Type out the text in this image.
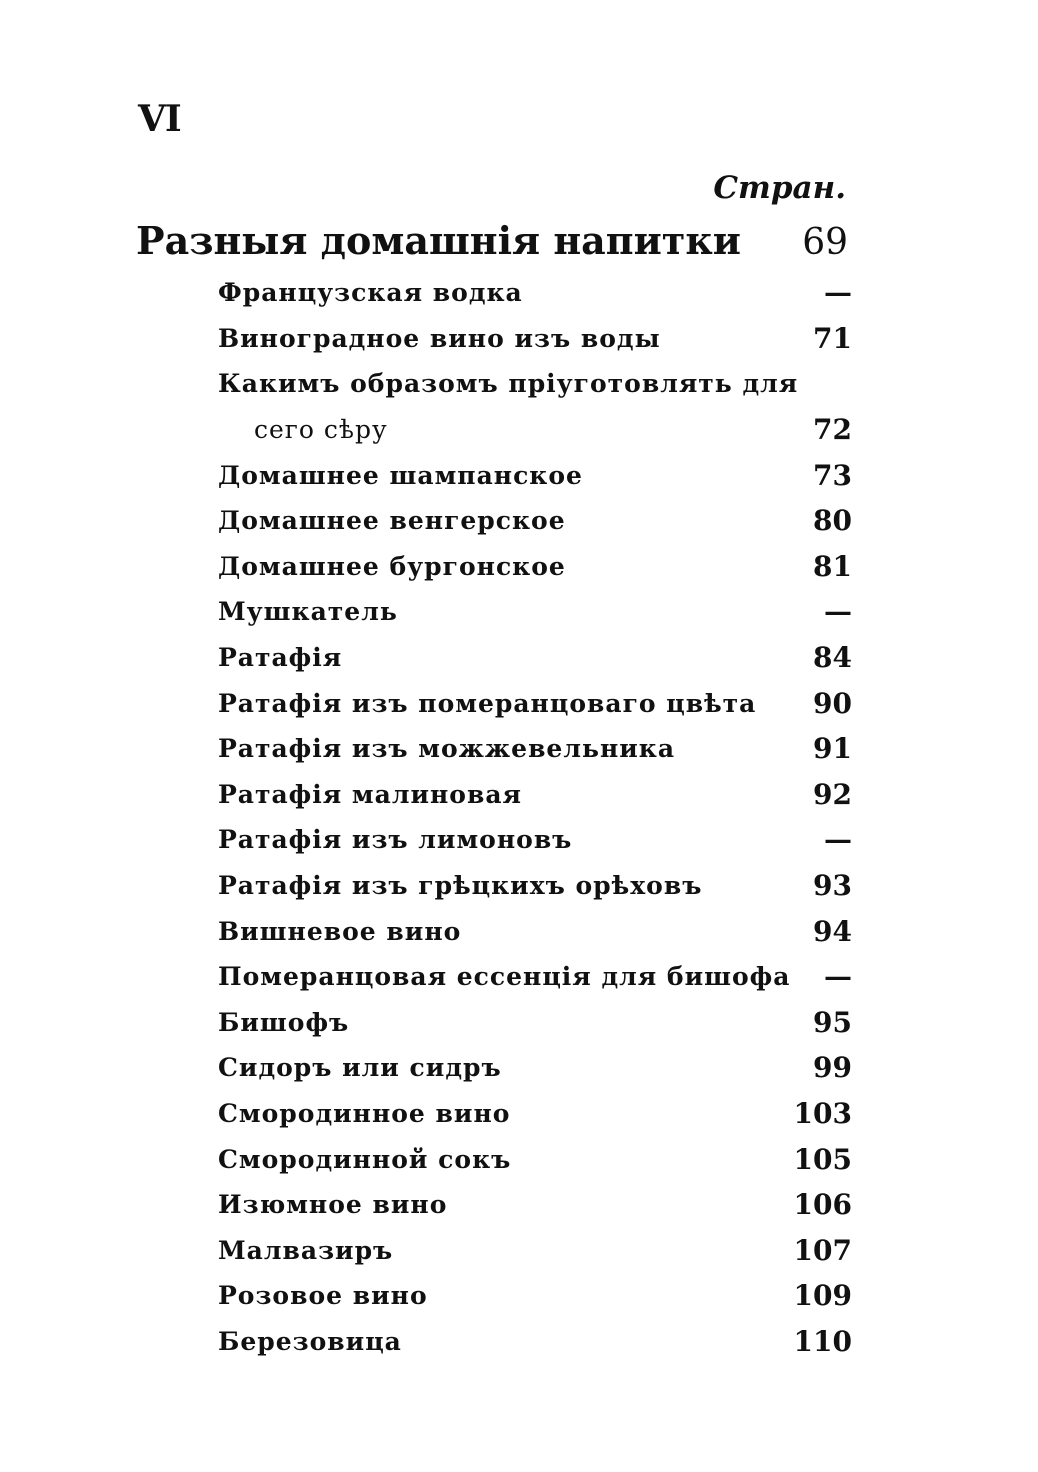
VI
Стран.
Разныя домашнія напитки 69
Французская водка	—
Виноградное вино изъ воды	71
Какимъ образомъ пріуготовлять для
сего сѣру	72
Домашнее шампанское	73
Домашнее венгерское	80
Домашнее бургонское	81
Мушкатель	—
Ратафія	84
Ратафія изъ померанцоваго цвѣта 90
Ратафія изъ можжевельника	91
Ратафія малиновая	92
Ратафія изъ лимоновъ	—
Ратафія изъ грѣцкихъ орѣховъ	93
Вишневое вино	94
Померанцовая ессенція для бишофа	—
Бишофъ	95
Сидоръ или сидръ	99
Смородинное вино	103
Смородинной сокъ	105
Изюмное вино	106
Малвазиръ	107
Розовое вино	109
Березовица	110
